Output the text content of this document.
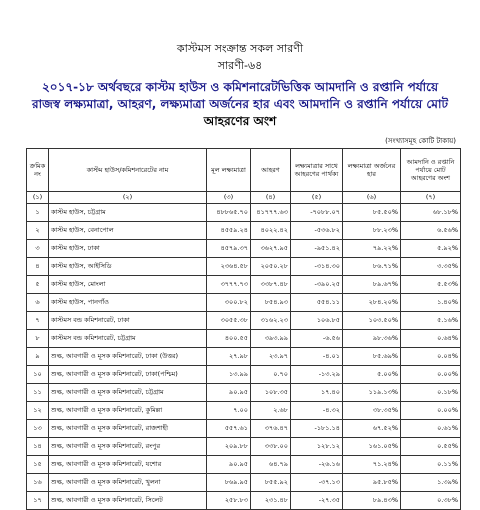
কাস্টমস সংক্রান্ত সকল সারণী
সারণী-৬৪
২০১৭-১৮ অর্থবছরে কাস্টম হাউস ও কমিশনারেটভিত্তিক আমদানি ও রপ্তানি পর্যায়ে
রাজস্ব লক্ষ্যমাত্রা, আহরণ, লক্ষ্যমাত্রা অর্জনের হার এবং আমদানি ও রপ্তানি পর্যায়ে মোট
আহরণের অংশ
(সংখ্যাসমূহ কোটি টাকায়)
ক্রমিক নং	কাস্টম হাউস/কমিশনারেটের নাম	মূল লক্ষ্যমাত্রা	আহরণ	লক্ষ্যমাত্রার সাথে আহরণের পার্থক্য	লক্ষ্যমাত্রা অর্জনের হার	আমদানি ও রপ্তানি পর্যায়ে মোট আহরণের অংশ
(১)	(২)	(৩)	(৪)	(৫)	(৬)	(৭)
১	কাস্টম হাউস, চট্টগ্রাম	৪৮৮৬৫.৭০	৪১৭৭৭.৬৩	-৭০৮৮.০৭	৮৫.৫০%	৬৮.১৮%
২	কাস্টম হাউস, বেনাপোল	৪৫৫৯.২৪	৪০২২.৪২	-৫৩৬.৮২	৮৮.২৩%	৬.৫৬%
৩	কাস্টম হাউস, ঢাকা	৪৫৭৯.৩৭	৩৬২৭.৯৫	-৯৫১.৪২	৭৯.২২%	৫.৯২%
৪	কাস্টম হাউস, আইসিডি	২৩৬৪.৫৮	২০৫০.২৮	-৩১৪.৩০	৮৬.৭১%	৩.৩৫%
৫	কাস্টম হাউস, মোংলা	৩৭৭৭.৭৩	৩৩৮৭.৪৮	-৩৯০.২৫	৮৯.৬৭%	৫.৫৩%
৬	কাস্টম হাউস, পানগাঁও	৩০০.৮২	৮৫৪.৯৩	৫৫৪.১১	২৮৪.২০%	১.৪০%
৭	কাস্টমস বন্ড কমিশনারেট, ঢাকা	৩০৫৫.৩৮	৩১৬২.২৩	১০৬.৮৫	১০৩.৫০%	৫.১৬%
৮	কাস্টমস বন্ড কমিশনারেট, চট্টগ্রাম	৪০০.৫৫	৩৯৩.৯৯	-৬.৫৬	৯৮.৩৬%	০.৬৪%
৯	শুল্ক, আবগারী ও মূসক কমিশনারেট, ঢাকা (উত্তর)	২৭.৯৮	২৩.৯৭	-৪.০১	৮৫.৬৯%	০.০৪%
১০	শুল্ক, আবগারী ও মূসক কমিশনারেট, ঢাকা(পশ্চিম)	১৩.৯৯	০.৭০	-১৩.২৯	৫.০০%	০.০০%
১১	শুল্ক, আবগারী ও মূসক কমিশনারেট, চট্টগ্রাম	৯০.৯৫	১০৮.৩৫	১৭.৪০	১১৯.১৩%	০.১৮%
১২	শুল্ক, আবগারী ও মূসক কমিশনারেট, কুমিল্লা	৭.০০	২.৬৮	-৪.৩২	৩৮.৩৫%	০.০০%
১৩	শুল্ক, আবগারী ও মূসক কমিশনারেট, রাজশাহী	৫৫৭.৬১	৩৭৬.৪৭	-১৮১.১৪	৬৭.৫২%	০.৬১%
১৪	শুল্ক, আবগারী ও মূসক কমিশনারেট, রংপুর	২০৯.৮৮	৩৩৮.০০	১২৮.১২	১৬১.০৫%	০.৫৫%
১৫	শুল্ক, আবগারী ও মূসক কমিশনারেট, যশোর	৯০.৯৫	৬৪.৭৯	-২৬.১৬	৭১.২৪%	০.১১%
১৬	শুল্ক, আবগারী ও মূসক কমিশনারেট, খুলনা	৮৬৯.৯৫	৮৫৫.৯২	-৩৭.১৩	৯৫.৮৫%	১.৩৯%
১৭	শুল্ক, আবগারী ও মূসক কমিশনারেট, সিলেট	২৫৮.৮৩	২৩১.৪৮	-২৭.৩৫	৮৯.৪৩%	০.৩৮%
